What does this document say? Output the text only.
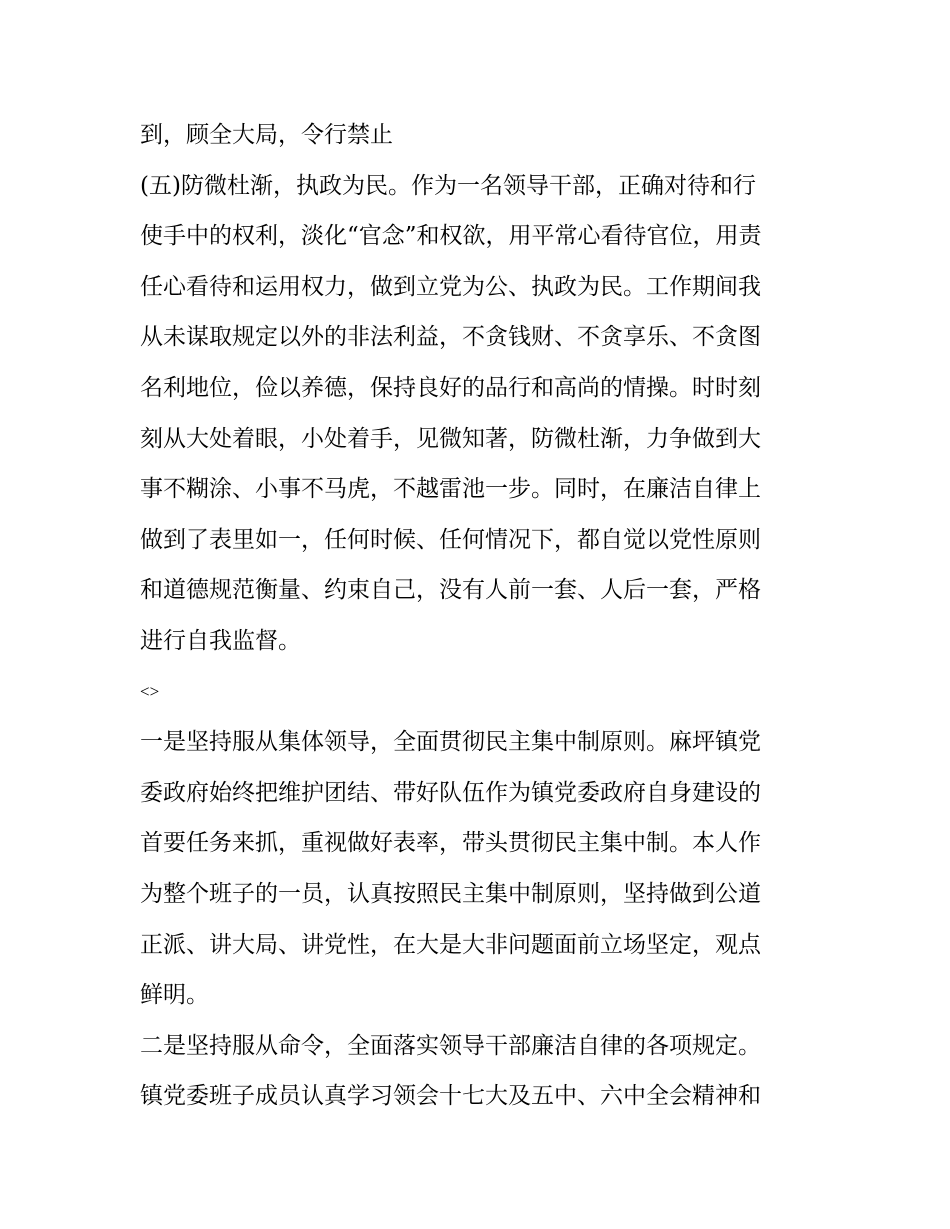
到，顾全大局，令行禁止
(五)防微杜渐，执政为民。作为一名领导干部，正确对待和行
使手中的权利，淡化“官念”和权欲，用平常心看待官位，用责
任心看待和运用权力，做到立党为公、执政为民。工作期间我
从未谋取规定以外的非法利益，不贪钱财、不贪享乐、不贪图
名利地位，俭以养德，保持良好的品行和高尚的情操。时时刻
刻从大处着眼，小处着手，见微知著，防微杜渐，力争做到大
事不糊涂、小事不马虎，不越雷池一步。同时，在廉洁自律上
做到了表里如一，任何时候、任何情况下，都自觉以党性原则
和道德规范衡量、约束自己，没有人前一套、人后一套，严格
进行自我监督。
<>
一是坚持服从集体领导，全面贯彻民主集中制原则。麻坪镇党
委政府始终把维护团结、带好队伍作为镇党委政府自身建设的
首要任务来抓，重视做好表率，带头贯彻民主集中制。本人作
为整个班子的一员，认真按照民主集中制原则，坚持做到公道
正派、讲大局、讲党性，在大是大非问题面前立场坚定，观点
鲜明。
二是坚持服从命令，全面落实领导干部廉洁自律的各项规定。
镇党委班子成员认真学习领会十七大及五中、六中全会精神和
